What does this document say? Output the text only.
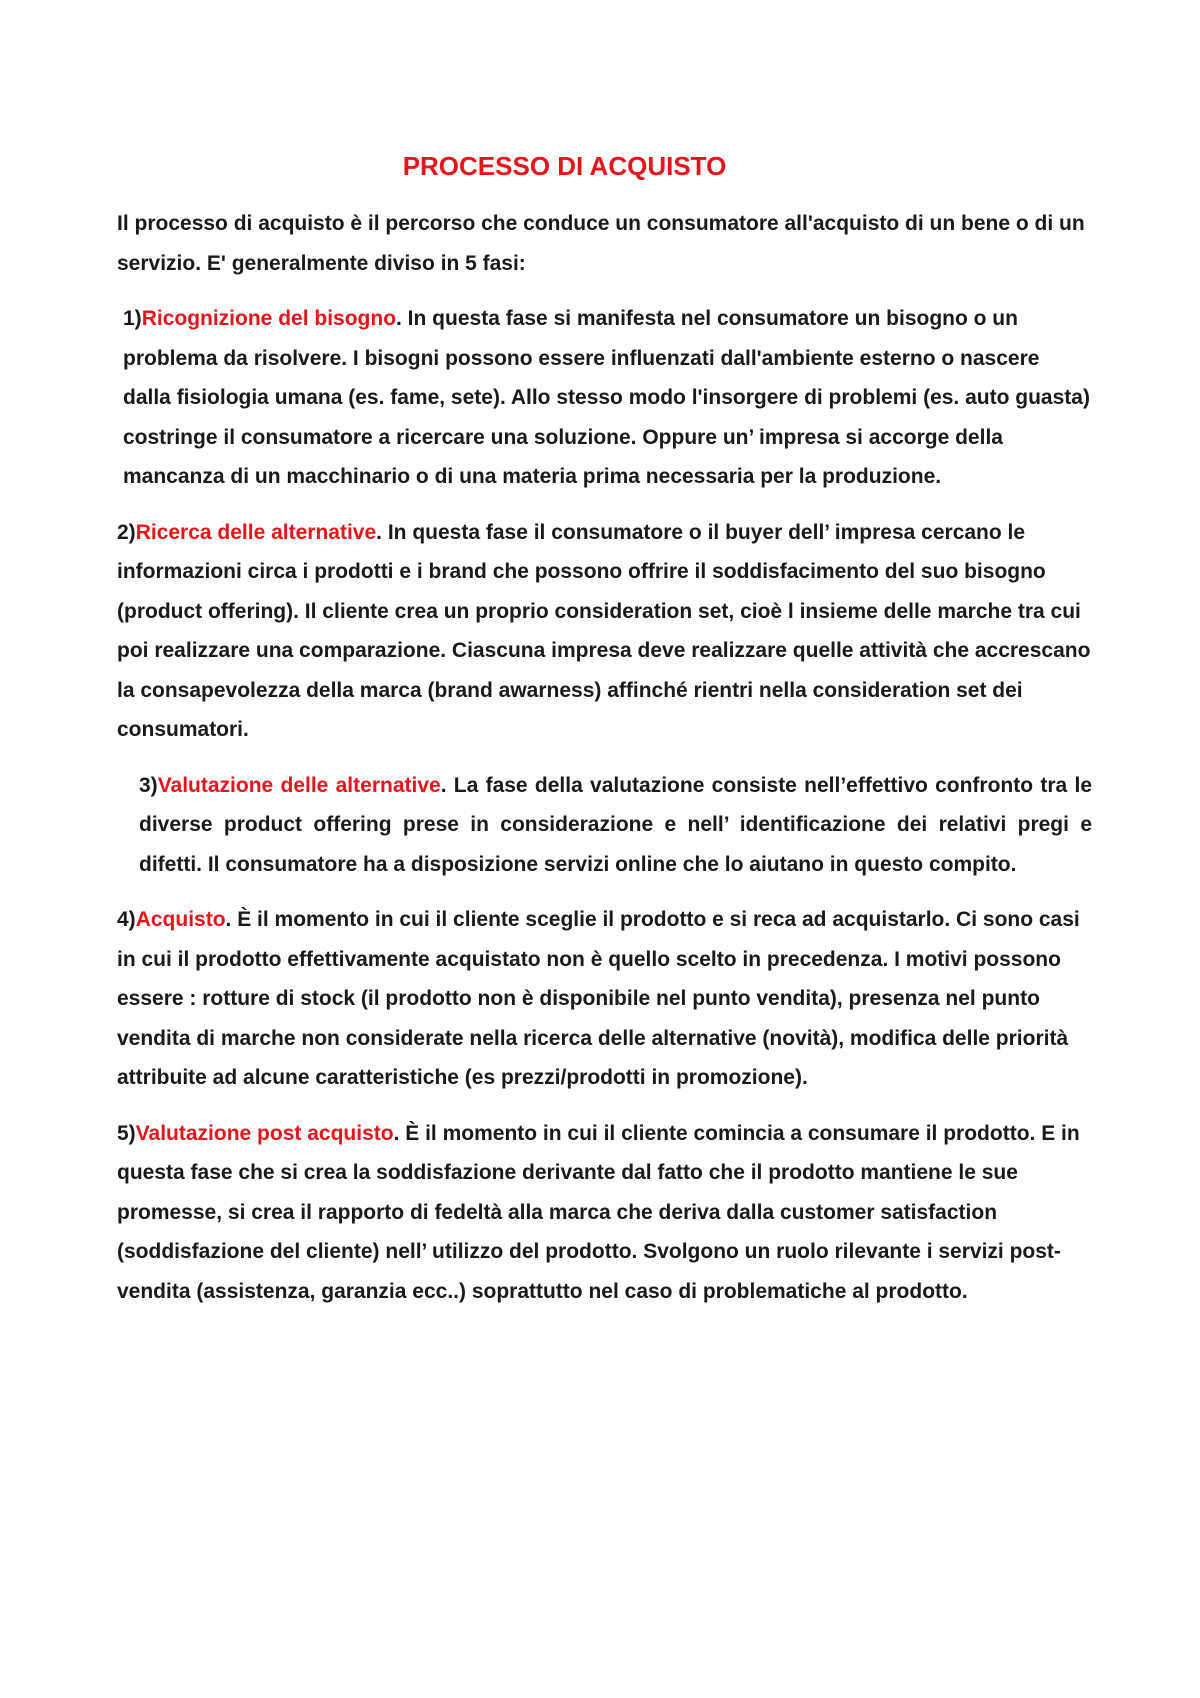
PROCESSO DI ACQUISTO

Il processo di acquisto è il percorso che conduce un consumatore all'acquisto di un bene o di un servizio. E' generalmente diviso in 5 fasi:

1)Ricognizione del bisogno. In questa fase si manifesta nel consumatore un bisogno o un problema da risolvere. I bisogni possono essere influenzati dall'ambiente esterno o nascere dalla fisiologia umana (es. fame, sete). Allo stesso modo l'insorgere di problemi (es. auto guasta) costringe il consumatore a ricercare una soluzione. Oppure un’ impresa si accorge della mancanza di un macchinario o di una materia prima necessaria per la produzione.

2)Ricerca delle alternative. In questa fase il consumatore o il buyer dell’ impresa cercano le informazioni circa i prodotti e i brand che possono offrire il soddisfacimento del suo bisogno (product offering). Il cliente crea un proprio consideration set, cioè l insieme delle marche tra cui poi realizzare una comparazione. Ciascuna impresa deve realizzare quelle attività che accrescano la consapevolezza della marca (brand awarness) affinché rientri nella consideration set dei consumatori.

3)Valutazione delle alternative. La fase della valutazione consiste nell’effettivo confronto tra le diverse product offering prese in considerazione e nell’ identificazione dei relativi pregi e difetti. Il consumatore ha a disposizione servizi online che lo aiutano in questo compito.

4)Acquisto. È il momento in cui il cliente sceglie il prodotto e si reca ad acquistarlo. Ci sono casi in cui il prodotto effettivamente acquistato non è quello scelto in precedenza. I motivi possono essere : rotture di stock (il prodotto non è disponibile nel punto vendita), presenza nel punto vendita di marche non considerate nella ricerca delle alternative (novità), modifica delle priorità attribuite ad alcune caratteristiche (es prezzi/prodotti in promozione).

5)Valutazione post acquisto. È il momento in cui il cliente comincia a consumare il prodotto. E in questa fase che si crea la soddisfazione derivante dal fatto che il prodotto mantiene le sue promesse, si crea il rapporto di fedeltà alla marca che deriva dalla customer satisfaction (soddisfazione del cliente) nell’ utilizzo del prodotto. Svolgono un ruolo rilevante i servizi post-vendita (assistenza, garanzia ecc..) soprattutto nel caso di problematiche al prodotto.
